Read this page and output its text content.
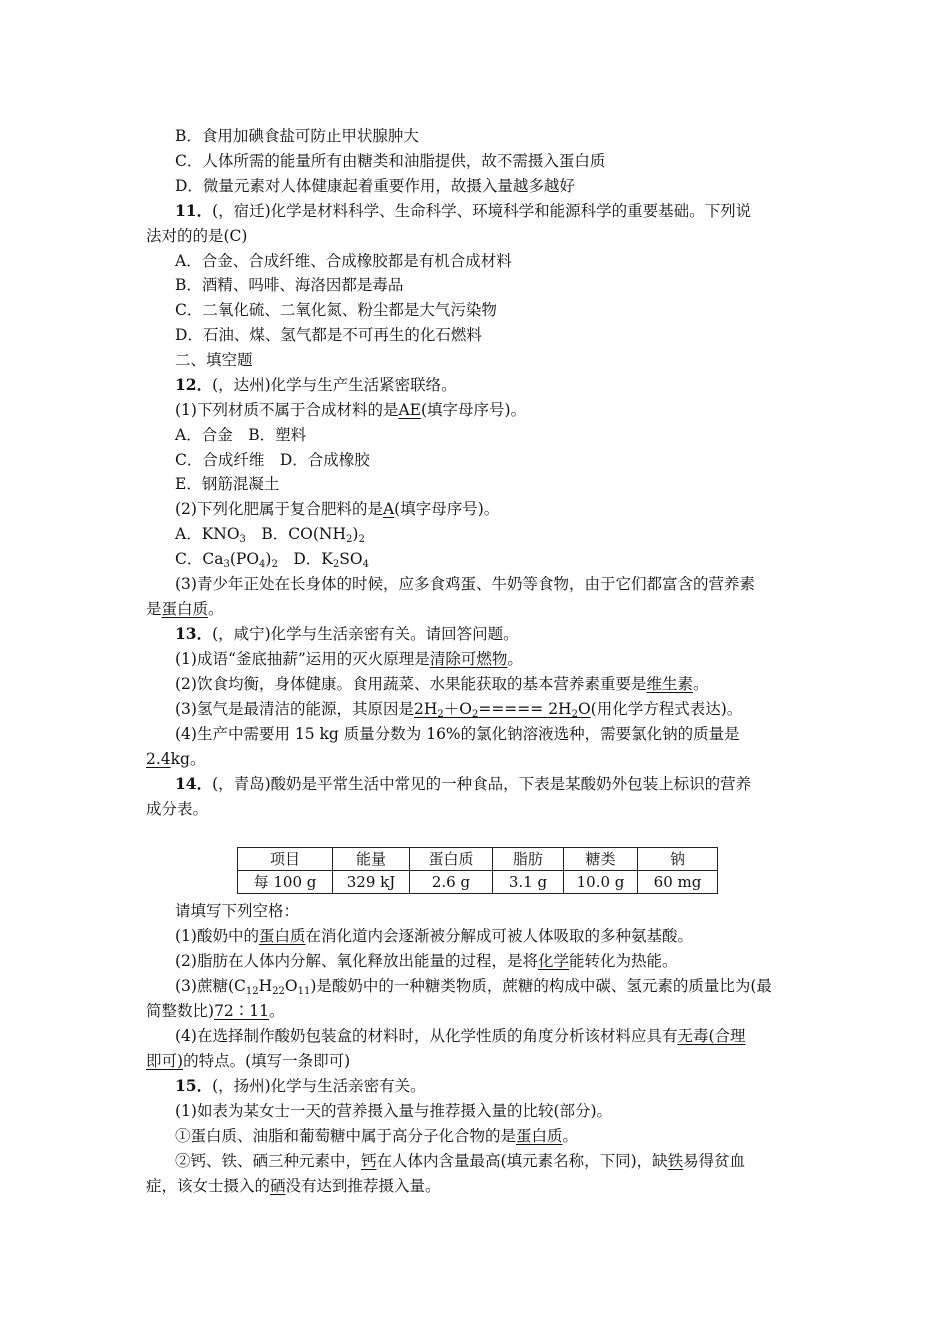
B．食用加碘食盐可防止甲状腺肿大
C．人体所需的能量所有由糖类和油脂提供，故不需摄入蛋白质
D．微量元素对人体健康起着重要作用，故摄入量越多越好
11．(，宿迁)化学是材料科学、生命科学、环境科学和能源科学的重要基础。下列说
法对的的是(C)
A．合金、合成纤维、合成橡胶都是有机合成材料
B．酒精、吗啡、海洛因都是毒品
C．二氧化硫、二氧化氮、粉尘都是大气污染物
D．石油、煤、氢气都是不可再生的化石燃料
二、填空题
12．(，达州)化学与生产生活紧密联络。
(1)下列材质不属于合成材料的是AE(填字母序号)。
A．合金　B．塑料
C．合成纤维　D．合成橡胶
E．钢筋混凝土
(2)下列化肥属于复合肥料的是A(填字母序号)。
A．$KNO_3$　B．$CO(NH_2)_2$
C．$Ca_3(PO_4)_2$　D．$K_2SO_4$
(3)青少年正处在长身体的时候，应多食鸡蛋、牛奶等食物，由于它们都富含的营养素
是蛋白质。
13．(，咸宁)化学与生活亲密有关。请回答问题。
(1)成语“釜底抽薪”运用的灭火原理是清除可燃物。
(2)饮食均衡，身体健康。食用蔬菜、水果能获取的基本营养素重要是维生素。
(3)氢气是最清洁的能源，其原因是$2H_2+O_2===== 2H_2O$(用化学方程式表达)。
(4)生产中需要用 15 kg 质量分数为 16%的氯化钠溶液选种，需要氯化钠的质量是
2.4kg。
14．(，青岛)酸奶是平常生活中常见的一种食品，下表是某酸奶外包装上标识的营养
成分表。
项目	能量	蛋白质	脂肪	糖类	钠
每 100 g	329 kJ	2.6 g	3.1 g	10.0 g	60 mg
请填写下列空格：
(1)酸奶中的蛋白质在消化道内会逐渐被分解成可被人体吸取的多种氨基酸。
(2)脂肪在人体内分解、氧化释放出能量的过程，是将化学能转化为热能。
(3)蔗糖$(C_{12}H_{22}O_{11})$是酸奶中的一种糖类物质，蔗糖的构成中碳、氢元素的质量比为(最
简整数比)72∶11。
(4)在选择制作酸奶包装盒的材料时，从化学性质的角度分析该材料应具有无毒(合理
即可)的特点。(填写一条即可)
15．(，扬州)化学与生活亲密有关。
(1)如表为某女士一天的营养摄入量与推荐摄入量的比较(部分)。
①蛋白质、油脂和葡萄糖中属于高分子化合物的是蛋白质。
②钙、铁、硒三种元素中，钙在人体内含量最高(填元素名称，下同)，缺铁易得贫血
症，该女士摄入的硒没有达到推荐摄入量。
